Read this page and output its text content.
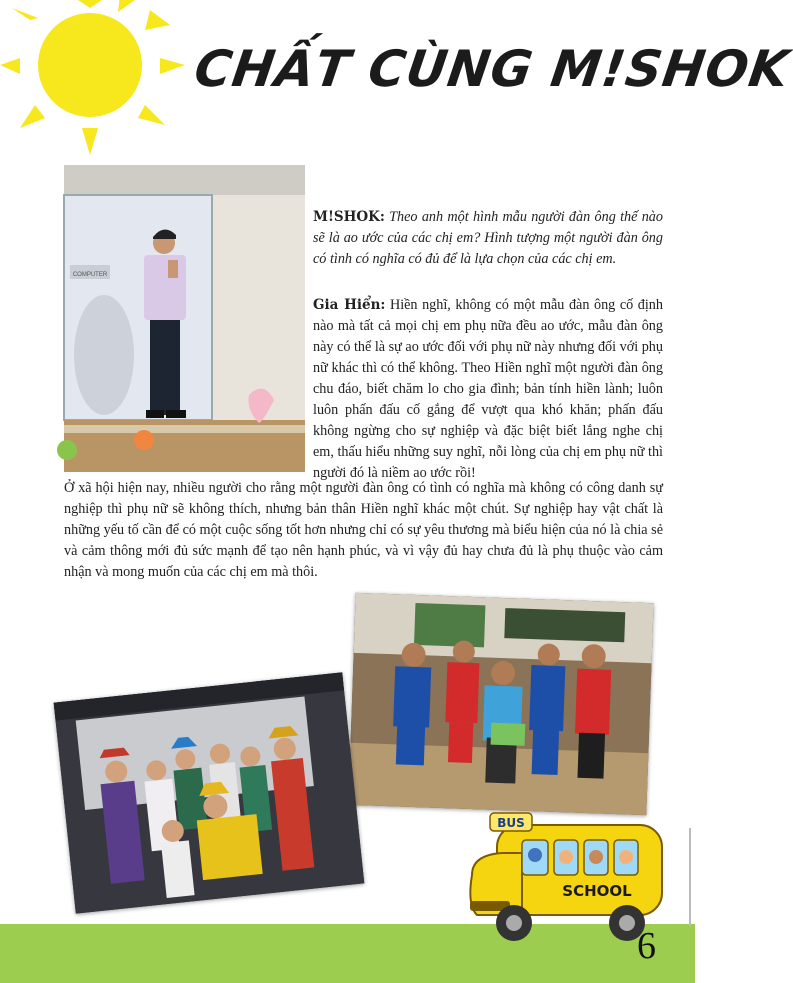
CHẤT CÙNG M!SHOK
COMPUTER

M!SHOK: Theo anh một hình mẫu người đàn ông thế nào sẽ là ao ước của các chị em? Hình tượng một người đàn ông có tình có nghĩa có đủ để là lựa chọn của các chị em.

Gia Hiển: Hiền nghĩ, không có một mẫu đàn ông cố định nào mà tất cả mọi chị em phụ nữa đều ao ước, mẫu đàn ông này có thể là sự ao ước đối với phụ nữ này nhưng đối với phụ nữ khác thì có thể không. Theo Hiền nghĩ một người đàn ông chu đáo, biết chăm lo cho gia đình; bản tính hiền lành; luôn luôn phấn đấu cố gắng để vượt qua khó khăn; phấn đấu không ngừng cho sự nghiệp và đặc biệt biết lắng nghe chị em, thấu hiểu những suy nghĩ, nỗi lòng của chị em phụ nữ thì người đó là niềm ao ước rồi!

Ở xã hội hiện nay, nhiều người cho rằng một người đàn ông có tình có nghĩa mà không có công danh sự nghiệp thì phụ nữ sẽ không thích, nhưng bản thân Hiền nghĩ khác một chút. Sự nghiệp hay vật chất là những yếu tố cần để có một cuộc sống tốt hơn nhưng chỉ có sự yêu thương mà biểu hiện của nó là chia sẻ và cảm thông mới đủ sức mạnh để tạo nên hạnh phúc, và vì vậy đủ hay chưa đủ là phụ thuộc vào cảm nhận và mong muốn của các chị em mà thôi.

BUS
SCHOOL
6
